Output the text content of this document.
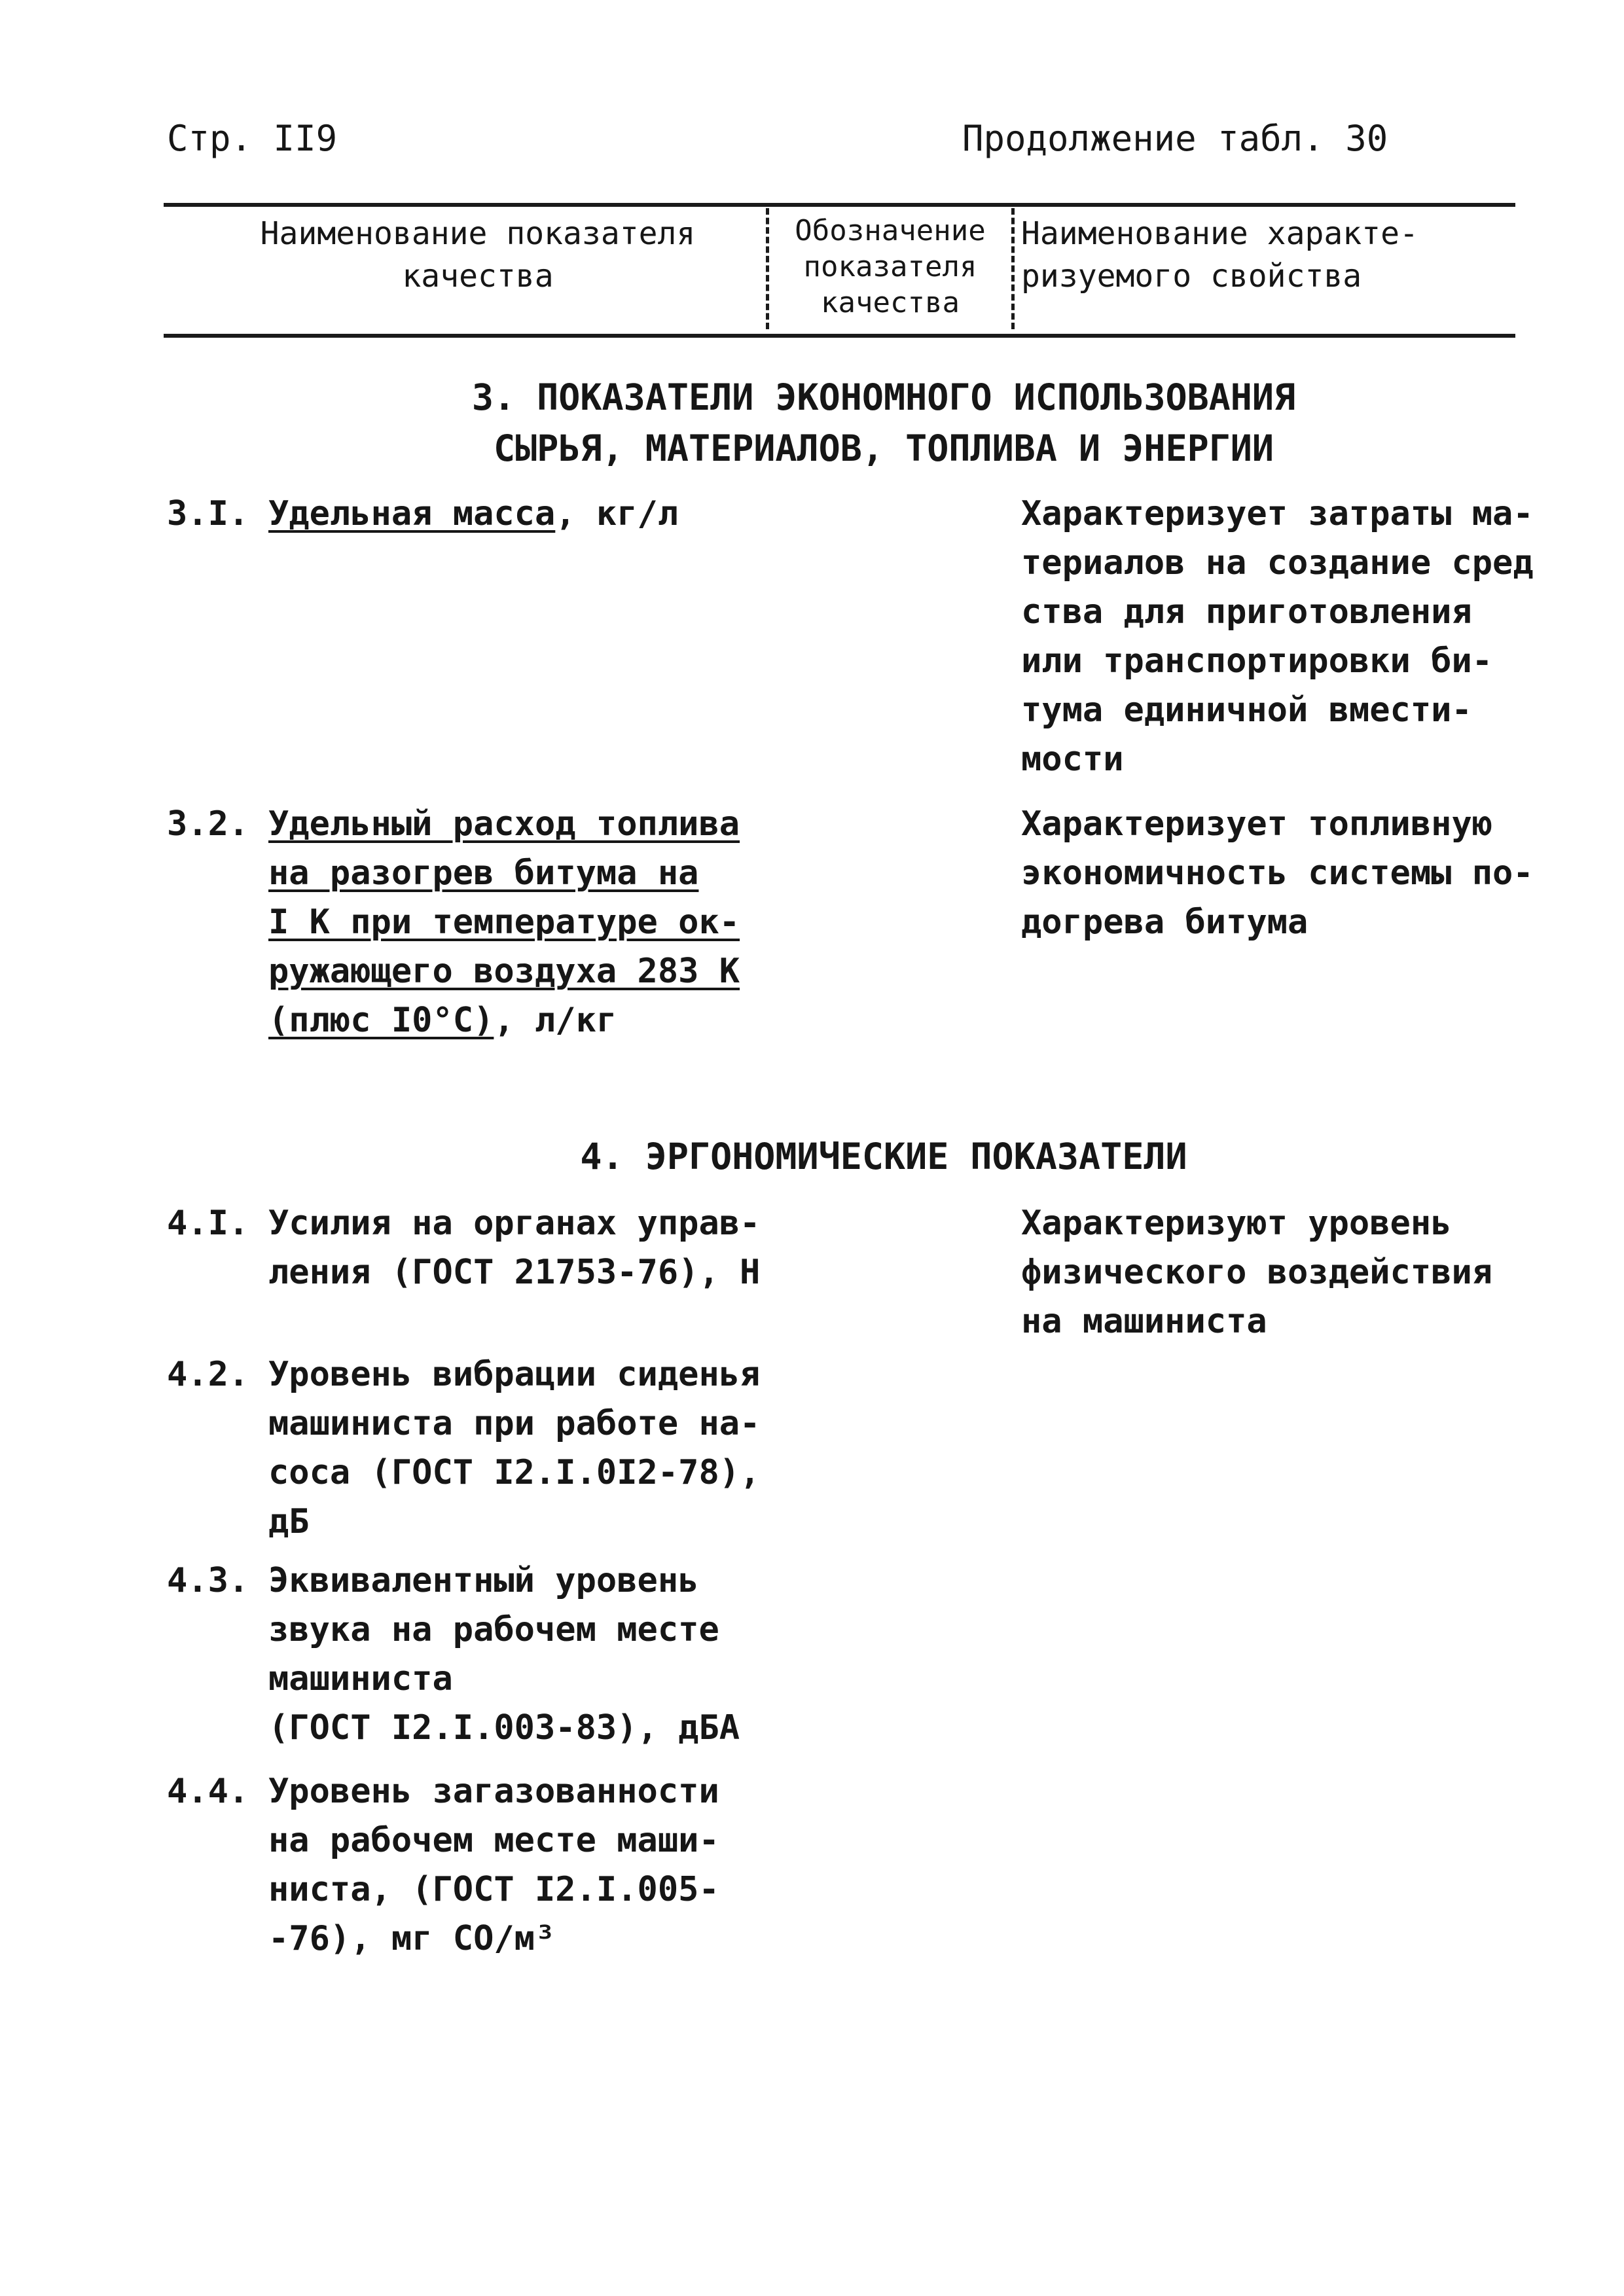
Стр. II9	Продолжение табл. 30
Наименование показателя
качества
Обозначение
показателя
качества
Наименование характе-
ризуемого свойства
3. ПОКАЗАТЕЛИ ЭКОНОМНОГО ИСПОЛЬЗОВАНИЯ
СЫРЬЯ, МАТЕРИАЛОВ, ТОПЛИВА И ЭНЕРГИИ
3.I. Удельная масса, кг/л	Характеризует затраты ма-
териалов на создание сред
ства для приготовления
или транспортировки би-
тума единичной вмести-
мости
3.2. Удельный расход топлива
на разогрев битума на
I К при температуре ок-
ружающего воздуха 283 К
(плюс I0°С), л/кг
Характеризует топливную
экономичность системы по-
догрева битума
4. ЭРГОНОМИЧЕСКИЕ ПОКАЗАТЕЛИ
4.I. Усилия на органах управ-
ления (ГОСТ 21753-76), Н
Характеризуют уровень
физического воздействия
на машиниста
4.2. Уровень вибрации сиденья
машиниста при работе на-
соса (ГОСТ I2.I.0I2-78),
дБ
4.3. Эквивалентный уровень
звука на рабочем месте
машиниста
(ГОСТ I2.I.003-83), дБА
4.4. Уровень загазованности
на рабочем месте маши-
ниста, (ГОСТ I2.I.005-
-76), мг CO/м³
